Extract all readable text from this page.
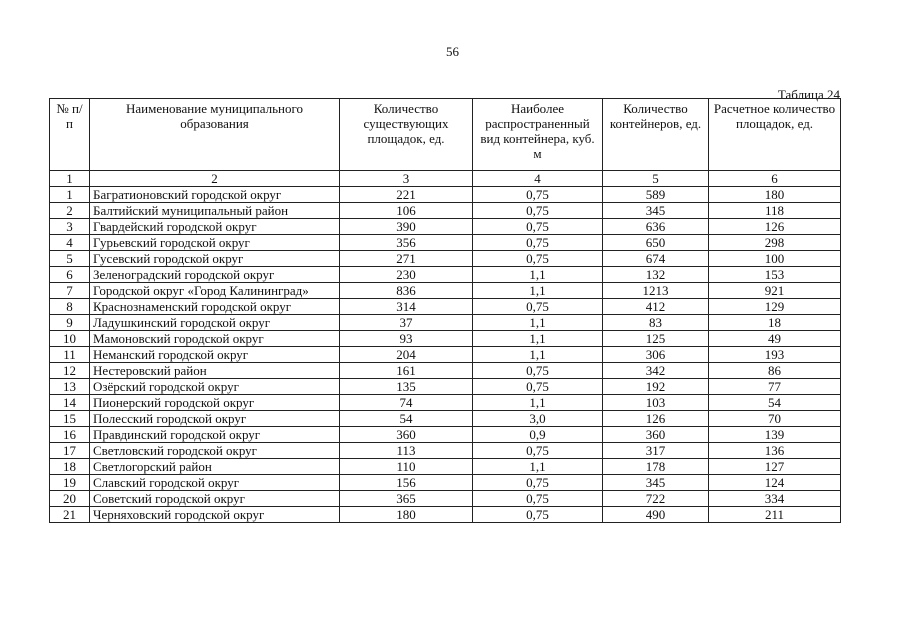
56
Таблица 24
№ п/п	Наименование муниципального образования	Количество существующих площадок, ед.	Наиболее распространенный вид контейнера, куб. м	Количество контейнеров, ед.	Расчетное количество площадок, ед.
1	2	3	4	5	6
1	Багратионовский городской округ	221	0,75	589	180
2	Балтийский муниципальный район	106	0,75	345	118
3	Гвардейский городской округ	390	0,75	636	126
4	Гурьевский городской округ	356	0,75	650	298
5	Гусевский городской округ	271	0,75	674	100
6	Зеленоградский городской округ	230	1,1	132	153
7	Городской округ «Город Калининград»	836	1,1	1213	921
8	Краснознаменский городской округ	314	0,75	412	129
9	Ладушкинский городской округ	37	1,1	83	18
10	Мамоновский городской округ	93	1,1	125	49
11	Неманский городской округ	204	1,1	306	193
12	Нестеровский район	161	0,75	342	86
13	Озёрский городской округ	135	0,75	192	77
14	Пионерский городской округ	74	1,1	103	54
15	Полесский городской округ	54	3,0	126	70
16	Правдинский городской округ	360	0,9	360	139
17	Светловский городской округ	113	0,75	317	136
18	Светлогорский район	110	1,1	178	127
19	Славский городской округ	156	0,75	345	124
20	Советский городской округ	365	0,75	722	334
21	Черняховский городской округ	180	0,75	490	211
